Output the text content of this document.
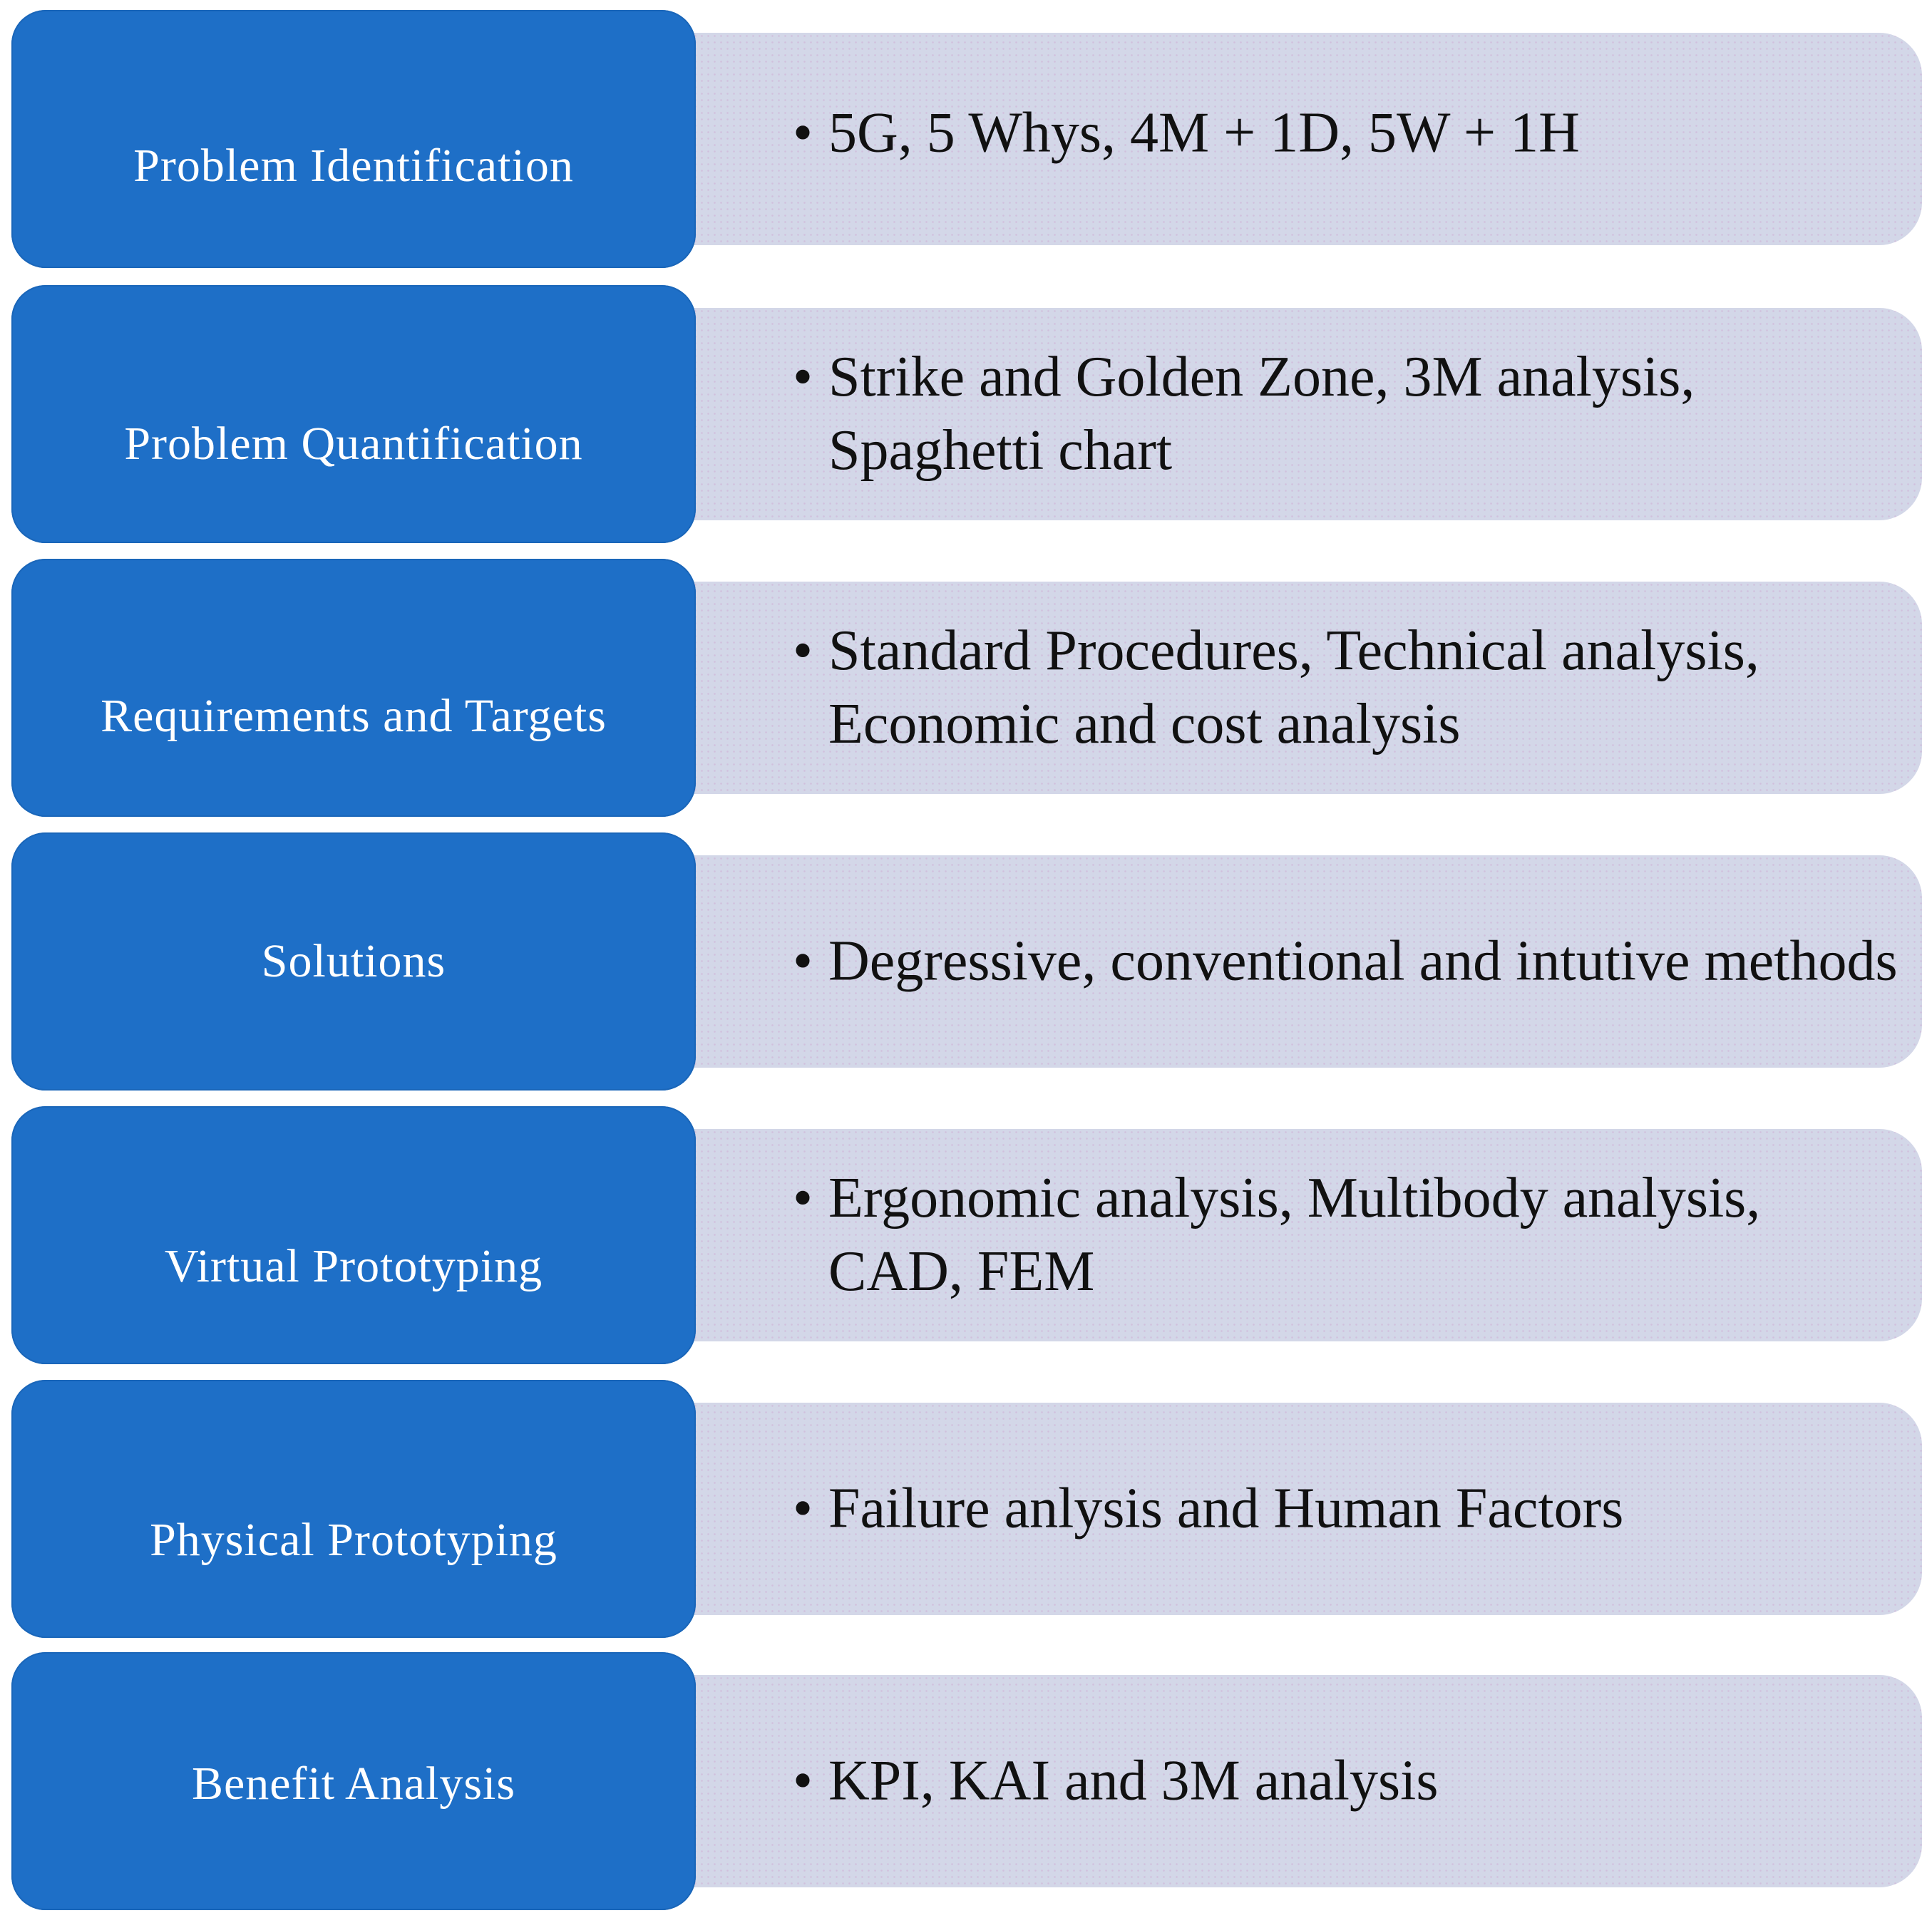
• 5G, 5 Whys, 4M + 1D, 5W + 1H
Problem Identification
• Strike and Golden Zone, 3M analysis, Spaghetti chart
Problem Quantification
• Standard Procedures, Technical analysis, Economic and cost analysis
Requirements and Targets
• Degressive, conventional and intutive methods
Solutions
• Ergonomic analysis, Multibody analysis, CAD, FEM
Virtual Prototyping
• Failure anlysis and Human Factors
Physical Prototyping
• KPI, KAI and 3M analysis
Benefit Analysis
